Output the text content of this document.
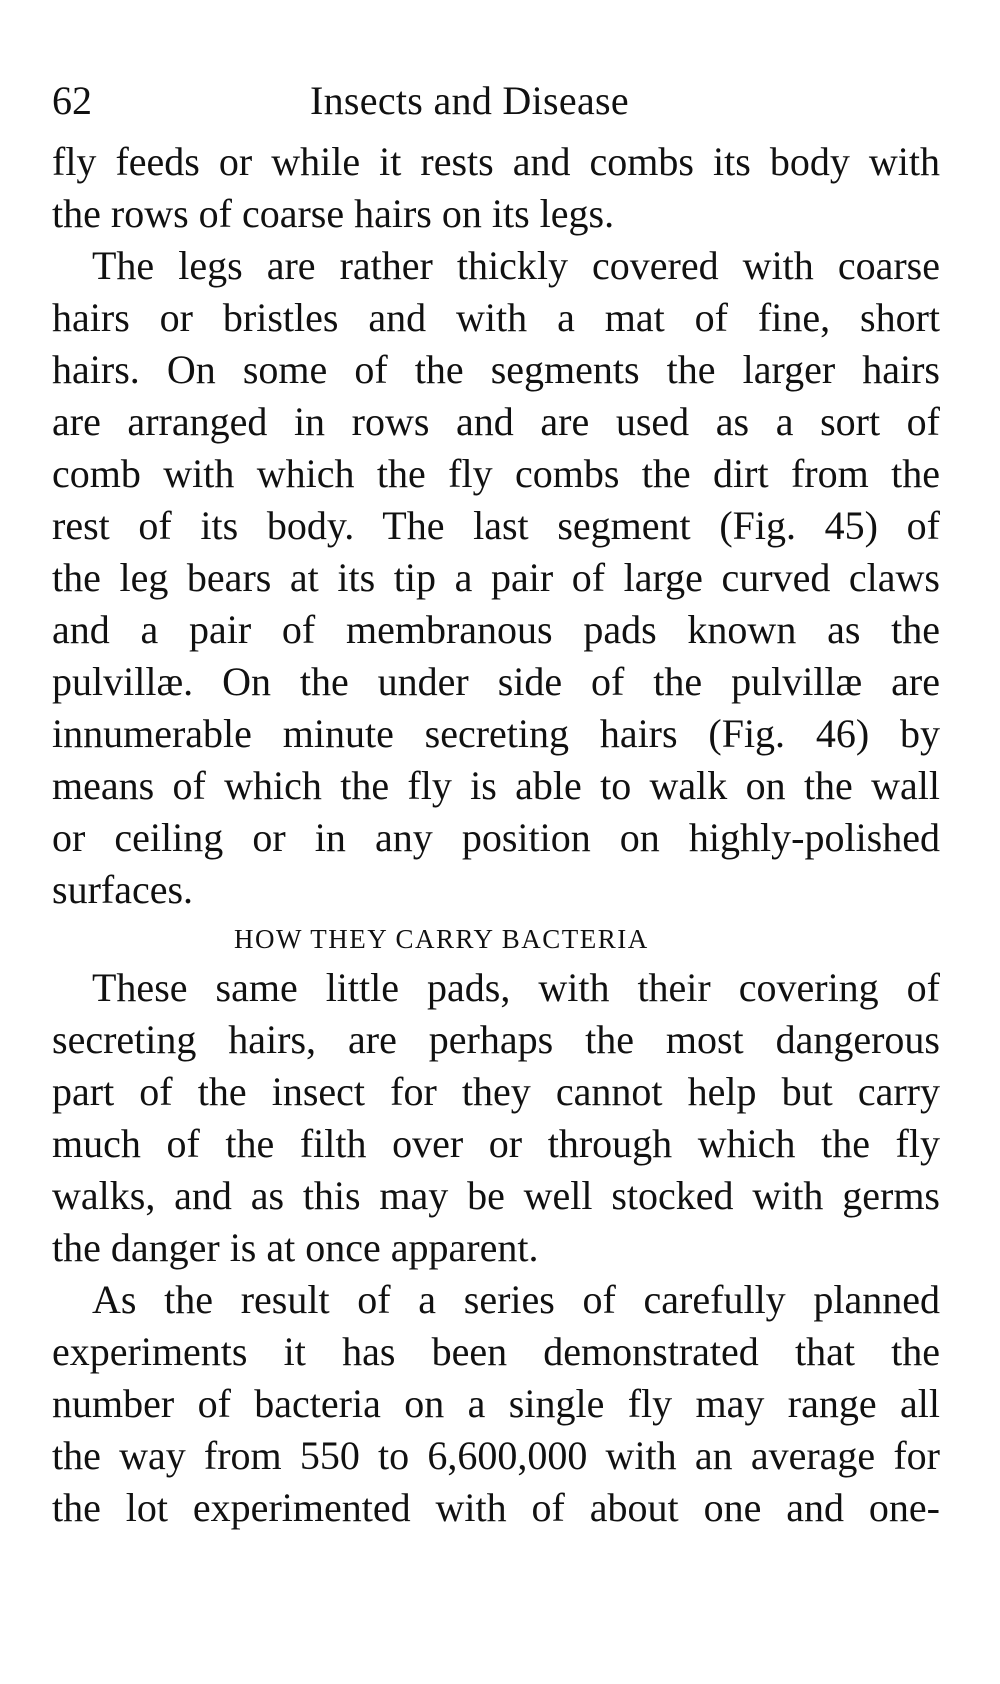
62	Insects and Disease
fly feeds or while it rests and combs its body with
the rows of coarse hairs on its legs.
The legs are rather thickly covered with coarse
hairs or bristles and with a mat of fine, short
hairs. On some of the segments the larger hairs
are arranged in rows and are used as a sort of
comb with which the fly combs the dirt from the
rest of its body. The last segment (Fig. 45) of
the leg bears at its tip a pair of large curved claws
and a pair of membranous pads known as the
pulvillæ. On the under side of the pulvillæ are
innumerable minute secreting hairs (Fig. 46) by
means of which the fly is able to walk on the wall
or ceiling or in any position on highly-polished
surfaces.
HOW THEY CARRY BACTERIA
These same little pads, with their covering of
secreting hairs, are perhaps the most dangerous
part of the insect for they cannot help but carry
much of the filth over or through which the fly
walks, and as this may be well stocked with germs
the danger is at once apparent.
As the result of a series of carefully planned
experiments it has been demonstrated that the
number of bacteria on a single fly may range all
the way from 550 to 6,600,000 with an average for
the lot experimented with of about one and one-
